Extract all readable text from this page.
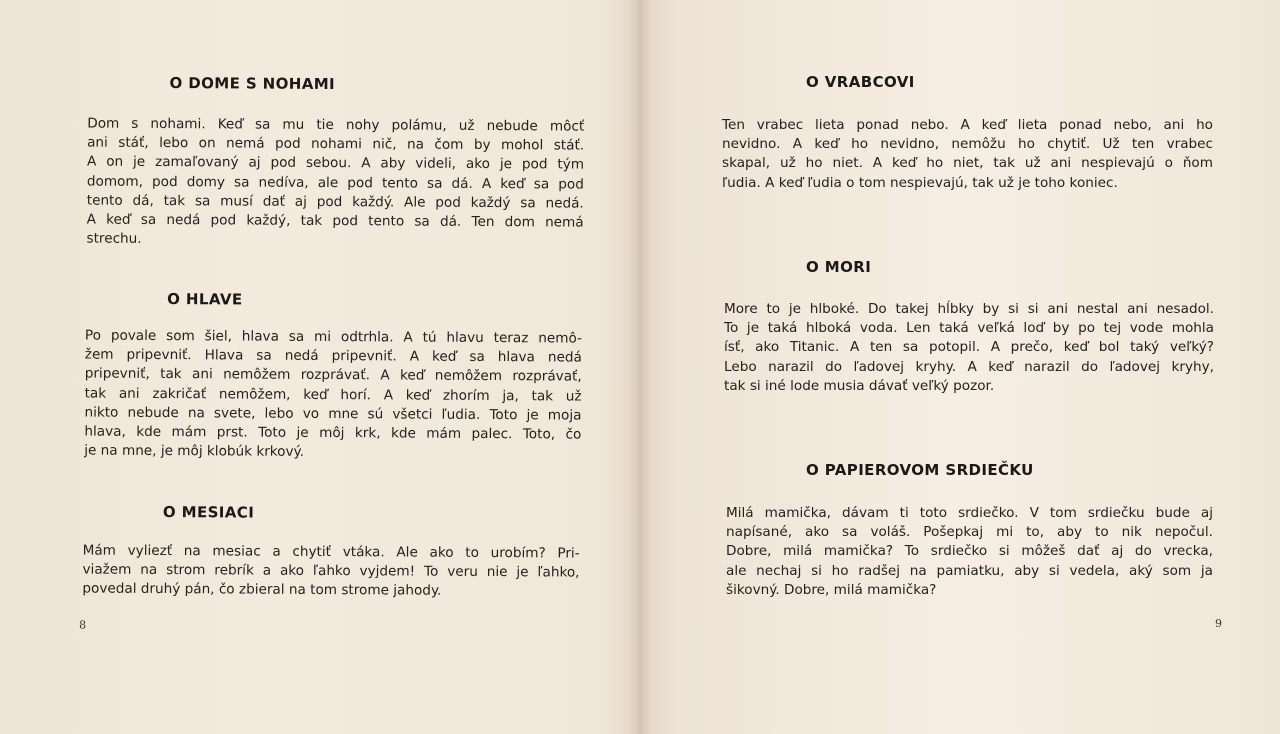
O DOME S NOHAMI
Dom s nohami. Keď sa mu tie nohy polámu, už nebude môcť
ani stáť, lebo on nemá pod nohami nič, na čom by mohol stáť.
A on je zamaľovaný aj pod sebou. A aby videli, ako je pod tým
domom, pod domy sa nedíva, ale pod tento sa dá. A keď sa pod
tento dá, tak sa musí dať aj pod každý. Ale pod každý sa nedá.
A keď sa nedá pod každý, tak pod tento sa dá. Ten dom nemá
strechu.
O HLAVE
Po povale som šiel, hlava sa mi odtrhla. A tú hlavu teraz nemô-
žem pripevniť. Hlava sa nedá pripevniť. A keď sa hlava nedá
pripevniť, tak ani nemôžem rozprávať. A keď nemôžem rozprávať,
tak ani zakričať nemôžem, keď horí. A keď zhorím ja, tak už
nikto nebude na svete, lebo vo mne sú všetci ľudia. Toto je moja
hlava, kde mám prst. Toto je môj krk, kde mám palec. Toto, čo
je na mne, je môj klobúk krkový.
O MESIACI
Mám vyliezť na mesiac a chytiť vtáka. Ale ako to urobím? Pri-
viažem na strom rebrík a ako ľahko vyjdem! To veru nie je ľahko,
povedal druhý pán, čo zbieral na tom strome jahody.
8
O VRABCOVI
Ten vrabec lieta ponad nebo. A keď lieta ponad nebo, ani ho
nevidno. A keď ho nevidno, nemôžu ho chytiť. Už ten vrabec
skapal, už ho niet. A keď ho niet, tak už ani nespievajú o ňom
ľudia. A keď ľudia o tom nespievajú, tak už je toho koniec.
O MORI
More to je hlboké. Do takej hĺbky by si si ani nestal ani nesadol.
To je taká hlboká voda. Len taká veľká loď by po tej vode mohla
ísť, ako Titanic. A ten sa potopil. A prečo, keď bol taký veľký?
Lebo narazil do ľadovej kryhy. A keď narazil do ľadovej kryhy,
tak si iné lode musia dávať veľký pozor.
O PAPIEROVOM SRDIEČKU
Milá mamička, dávam ti toto srdiečko. V tom srdiečku bude aj
napísané, ako sa voláš. Pošepkaj mi to, aby to nik nepočul.
Dobre, milá mamička? To srdiečko si môžeš dať aj do vrecka,
ale nechaj si ho radšej na pamiatku, aby si vedela, aký som ja
šikovný. Dobre, milá mamička?
9
